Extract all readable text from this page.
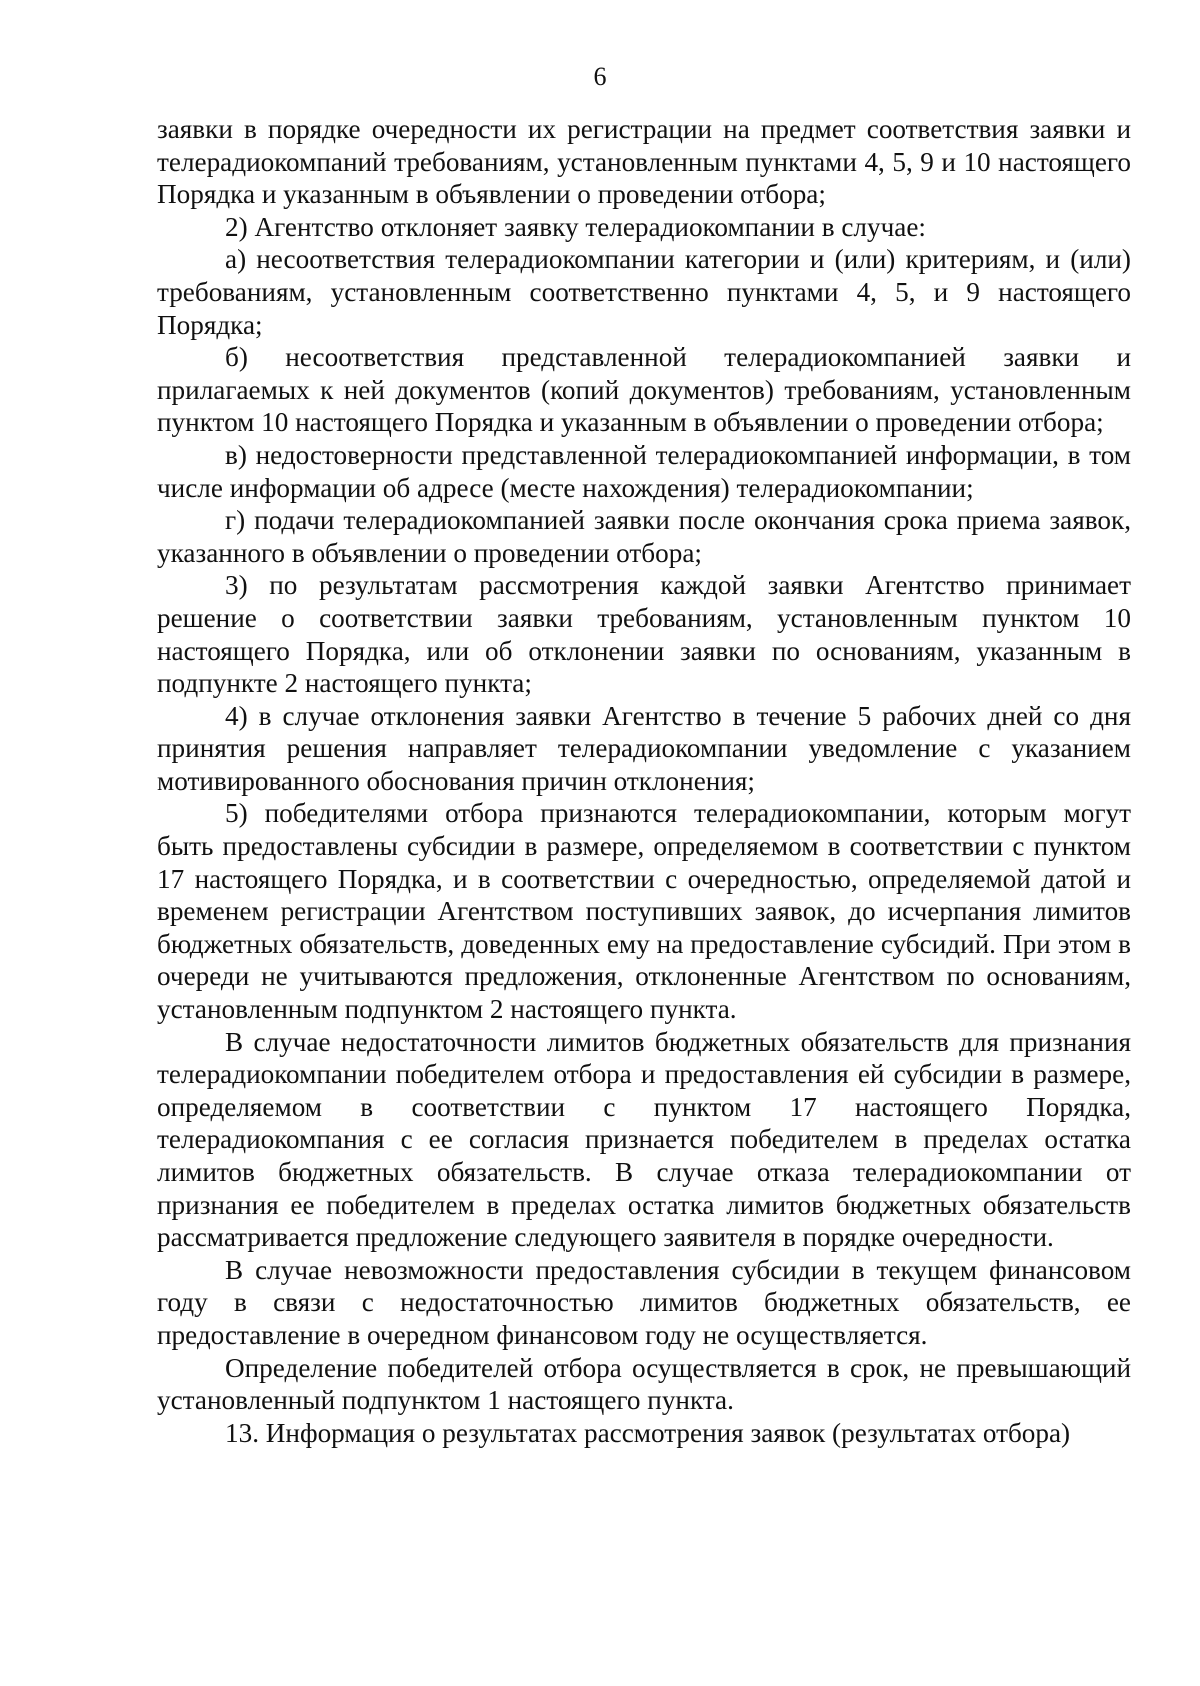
6

заявки в порядке очередности их регистрации на предмет соответствия заявки и телерадиокомпаний требованиям, установленным пунктами 4, 5, 9 и 10 настоящего Порядка и указанным в объявлении о проведении отбора;

2) Агентство отклоняет заявку телерадиокомпании в случае:

а) несоответствия телерадиокомпании категории и (или) критериям, и (или) требованиям, установленным соответственно пунктами 4, 5, и 9 настоящего Порядка;

б) несоответствия представленной телерадиокомпанией заявки и прилагаемых к ней документов (копий документов) требованиям, установленным пунктом 10 настоящего Порядка и указанным в объявлении о проведении отбора;

в) недостоверности представленной телерадиокомпанией информации, в том числе информации об адресе (месте нахождения) телерадиокомпании;

г) подачи телерадиокомпанией заявки после окончания срока приема заявок, указанного в объявлении о проведении отбора;

3) по результатам рассмотрения каждой заявки Агентство принимает решение о соответствии заявки требованиям, установленным пунктом 10 настоящего Порядка, или об отклонении заявки по основаниям, указанным в подпункте 2 настоящего пункта;

4) в случае отклонения заявки Агентство в течение 5 рабочих дней со дня принятия решения направляет телерадиокомпании уведомление с указанием мотивированного обоснования причин отклонения;

5) победителями отбора признаются телерадиокомпании, которым могут быть предоставлены субсидии в размере, определяемом в соответствии с пунктом 17 настоящего Порядка, и в соответствии с очередностью, определяемой датой и временем регистрации Агентством поступивших заявок, до исчерпания лимитов бюджетных обязательств, доведенных ему на предоставление субсидий. При этом в очереди не учитываются предложения, отклоненные Агентством по основаниям, установленным подпунктом 2 настоящего пункта.

В случае недостаточности лимитов бюджетных обязательств для признания телерадиокомпании победителем отбора и предоставления ей субсидии в размере, определяемом в соответствии с пунктом 17 настоящего Порядка, телерадиокомпания с ее согласия признается победителем в пределах остатка лимитов бюджетных обязательств. В случае отказа телерадиокомпании от признания ее победителем в пределах остатка лимитов бюджетных обязательств рассматривается предложение следующего заявителя в порядке очередности.

В случае невозможности предоставления субсидии в текущем финансовом году в связи с недостаточностью лимитов бюджетных обязательств, ее предоставление в очередном финансовом году не осуществляется.

Определение победителей отбора осуществляется в срок, не превышающий установленный подпунктом 1 настоящего пункта.

13. Информация о результатах рассмотрения заявок (результатах отбора)
